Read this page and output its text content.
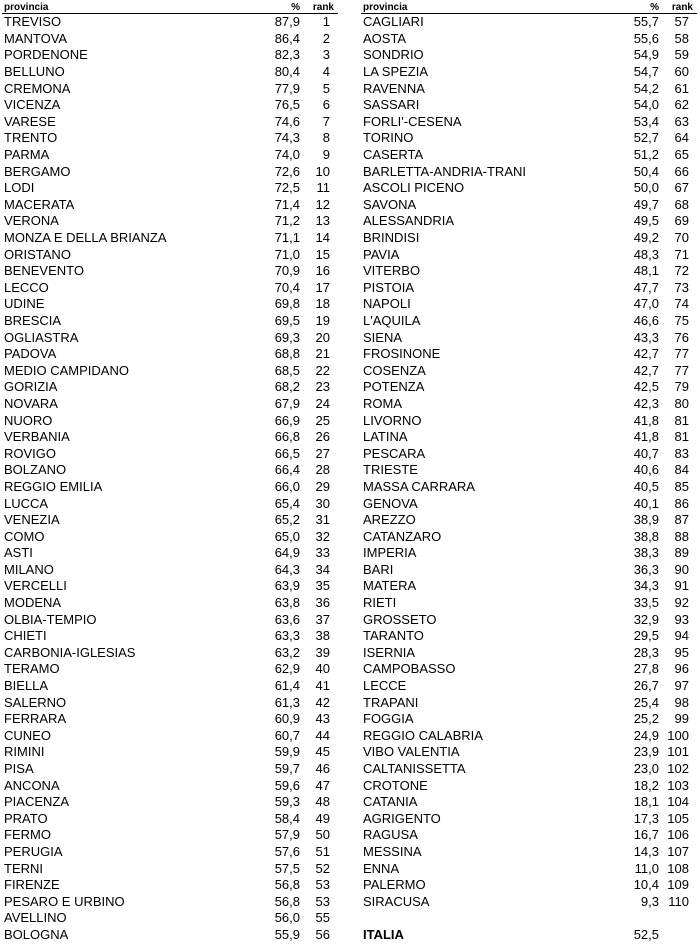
provincia	%	rank
TREVISO	87,9	1
MANTOVA	86,4	2
PORDENONE	82,3	3
BELLUNO	80,4	4
CREMONA	77,9	5
VICENZA	76,5	6
VARESE	74,6	7
TRENTO	74,3	8
PARMA	74,0	9
BERGAMO	72,6	10
LODI	72,5	11
MACERATA	71,4	12
VERONA	71,2	13
MONZA E DELLA BRIANZA	71,1	14
ORISTANO	71,0	15
BENEVENTO	70,9	16
LECCO	70,4	17
UDINE	69,8	18
BRESCIA	69,5	19
OGLIASTRA	69,3	20
PADOVA	68,8	21
MEDIO CAMPIDANO	68,5	22
GORIZIA	68,2	23
NOVARA	67,9	24
NUORO	66,9	25
VERBANIA	66,8	26
ROVIGO	66,5	27
BOLZANO	66,4	28
REGGIO EMILIA	66,0	29
LUCCA	65,4	30
VENEZIA	65,2	31
COMO	65,0	32
ASTI	64,9	33
MILANO	64,3	34
VERCELLI	63,9	35
MODENA	63,8	36
OLBIA-TEMPIO	63,6	37
CHIETI	63,3	38
CARBONIA-IGLESIAS	63,2	39
TERAMO	62,9	40
BIELLA	61,4	41
SALERNO	61,3	42
FERRARA	60,9	43
CUNEO	60,7	44
RIMINI	59,9	45
PISA	59,7	46
ANCONA	59,6	47
PIACENZA	59,3	48
PRATO	58,4	49
FERMO	57,9	50
PERUGIA	57,6	51
TERNI	57,5	52
FIRENZE	56,8	53
PESARO E URBINO	56,8	53
AVELLINO	56,0	55
BOLOGNA	55,9	56
provincia	%	rank
CAGLIARI	55,7	57
AOSTA	55,6	58
SONDRIO	54,9	59
LA SPEZIA	54,7	60
RAVENNA	54,2	61
SASSARI	54,0	62
FORLI'-CESENA	53,4	63
TORINO	52,7	64
CASERTA	51,2	65
BARLETTA-ANDRIA-TRANI	50,4	66
ASCOLI PICENO	50,0	67
SAVONA	49,7	68
ALESSANDRIA	49,5	69
BRINDISI	49,2	70
PAVIA	48,3	71
VITERBO	48,1	72
PISTOIA	47,7	73
NAPOLI	47,0	74
L'AQUILA	46,6	75
SIENA	43,3	76
FROSINONE	42,7	77
COSENZA	42,7	77
POTENZA	42,5	79
ROMA	42,3	80
LIVORNO	41,8	81
LATINA	41,8	81
PESCARA	40,7	83
TRIESTE	40,6	84
MASSA CARRARA	40,5	85
GENOVA	40,1	86
AREZZO	38,9	87
CATANZARO	38,8	88
IMPERIA	38,3	89
BARI	36,3	90
MATERA	34,3	91
RIETI	33,5	92
GROSSETO	32,9	93
TARANTO	29,5	94
ISERNIA	28,3	95
CAMPOBASSO	27,8	96
LECCE	26,7	97
TRAPANI	25,4	98
FOGGIA	25,2	99
REGGIO CALABRIA	24,9 100
VIBO VALENTIA	23,9 101
CALTANISSETTA	23,0 102
CROTONE	18,2 103
CATANIA	18,1 104
AGRIGENTO	17,3 105
RAGUSA	16,7 106
MESSINA	14,3 107
ENNA	11,0 108
PALERMO	10,4 109
SIRACUSA	9,3 110
ITALIA	52,5
